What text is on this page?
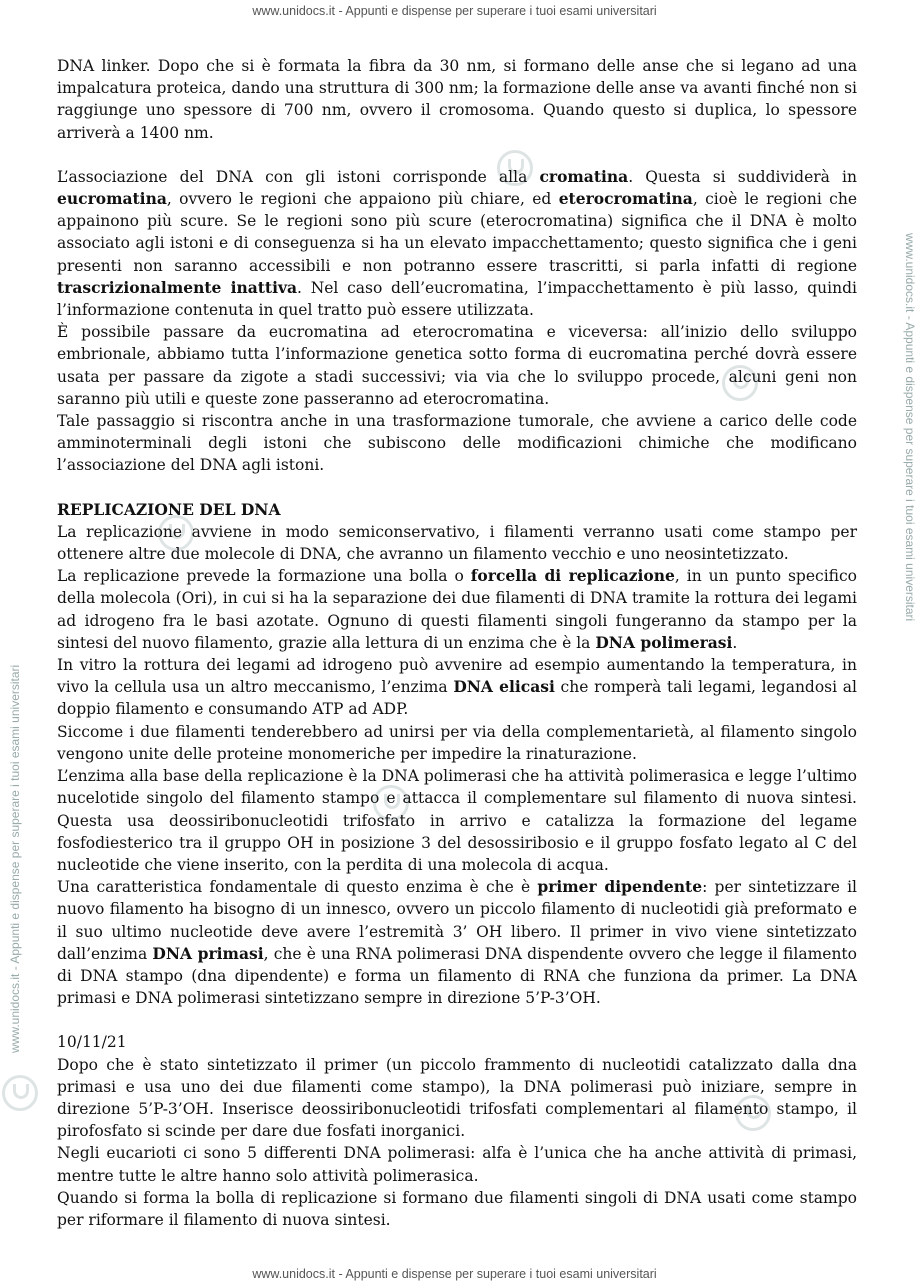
www.unidocs.it - Appunti e dispense per superare i tuoi esami universitari
www.unidocs.it - Appunti e dispense per superare i tuoi esami universitari
www.unidocs.it - Appunti e dispense per superare i tuoi esami universitari

DNA linker. Dopo che si è formata la fibra da 30 nm, si formano delle anse che si legano ad una impalcatura proteica, dando una struttura di 300 nm; la formazione delle anse va avanti finché non si raggiunge uno spessore di 700 nm, ovvero il cromosoma. Quando questo si duplica, lo spessore arriverà a 1400 nm.

L’associazione del DNA con gli istoni corrisponde alla cromatina. Questa si suddividerà in eucromatina, ovvero le regioni che appaiono più chiare, ed eterocromatina, cioè le regioni che appainono più scure. Se le regioni sono più scure (eterocromatina) significa che il DNA è molto associato agli istoni e di conseguenza si ha un elevato impacchettamento; questo significa che i geni presenti non saranno accessibili e non potranno essere trascritti, si parla infatti di regione trascrizionalmente inattiva. Nel caso dell’eucromatina, l’impacchettamento è più lasso, quindi l’informazione contenuta in quel tratto può essere utilizzata.

È possibile passare da eucromatina ad eterocromatina e viceversa: all’inizio dello sviluppo embrionale, abbiamo tutta l’informazione genetica sotto forma di eucromatina perché dovrà essere usata per passare da zigote a stadi successivi; via via che lo sviluppo procede, alcuni geni non saranno più utili e queste zone passeranno ad eterocromatina.

Tale passaggio si riscontra anche in una trasformazione tumorale, che avviene a carico delle code amminoterminali degli istoni che subiscono delle modificazioni chimiche che modificano l’associazione del DNA agli istoni.

REPLICAZIONE DEL DNA

La replicazione avviene in modo semiconservativo, i filamenti verranno usati come stampo per ottenere altre due molecole di DNA, che avranno un filamento vecchio e uno neosintetizzato.

La replicazione prevede la formazione una bolla o forcella di replicazione, in un punto specifico della molecola (Ori), in cui si ha la separazione dei due filamenti di DNA tramite la rottura dei legami ad idrogeno fra le basi azotate. Ognuno di questi filamenti singoli fungeranno da stampo per la sintesi del nuovo filamento, grazie alla lettura di un enzima che è la DNA polimerasi.

In vitro la rottura dei legami ad idrogeno può avvenire ad esempio aumentando la temperatura, in vivo la cellula usa un altro meccanismo, l’enzima DNA elicasi che romperà tali legami, legandosi al doppio filamento e consumando ATP ad ADP.

Siccome i due filamenti tenderebbero ad unirsi per via della complementarietà, al filamento singolo vengono unite delle proteine monomeriche per impedire la rinaturazione.

L’enzima alla base della replicazione è la DNA polimerasi che ha attività polimerasica e legge l’ultimo nucelotide singolo del filamento stampo e attacca il complementare sul filamento di nuova sintesi. Questa usa deossiribonucleotidi trifosfato in arrivo e catalizza la formazione del legame fosfodiesterico tra il gruppo OH in posizione 3 del desossiribosio e il gruppo fosfato legato al C del nucleotide che viene inserito, con la perdita di una molecola di acqua.

Una caratteristica fondamentale di questo enzima è che è primer dipendente: per sintetizzare il nuovo filamento ha bisogno di un innesco, ovvero un piccolo filamento di nucleotidi già preformato e il suo ultimo nucleotide deve avere l’estremità 3’ OH libero. Il primer in vivo viene sintetizzato dall’enzima DNA primasi, che è una RNA polimerasi DNA dispendente ovvero che legge il filamento di DNA stampo (dna dipendente) e forma un filamento di RNA che funziona da primer. La DNA primasi e DNA polimerasi sintetizzano sempre in direzione 5’P-3’OH.

10/11/21

Dopo che è stato sintetizzato il primer (un piccolo frammento di nucleotidi catalizzato dalla dna primasi e usa uno dei due filamenti come stampo), la DNA polimerasi può iniziare, sempre in direzione 5’P-3’OH. Inserisce deossiribonucleotidi trifosfati complementari al filamento stampo, il pirofosfato si scinde per dare due fosfati inorganici.

Negli eucarioti ci sono 5 differenti DNA polimerasi: alfa è l’unica che ha anche attività di primasi, mentre tutte le altre hanno solo attività polimerasica.

Quando si forma la bolla di replicazione si formano due filamenti singoli di DNA usati come stampo per riformare il filamento di nuova sintesi.

www.unidocs.it - Appunti e dispense per superare i tuoi esami universitari
